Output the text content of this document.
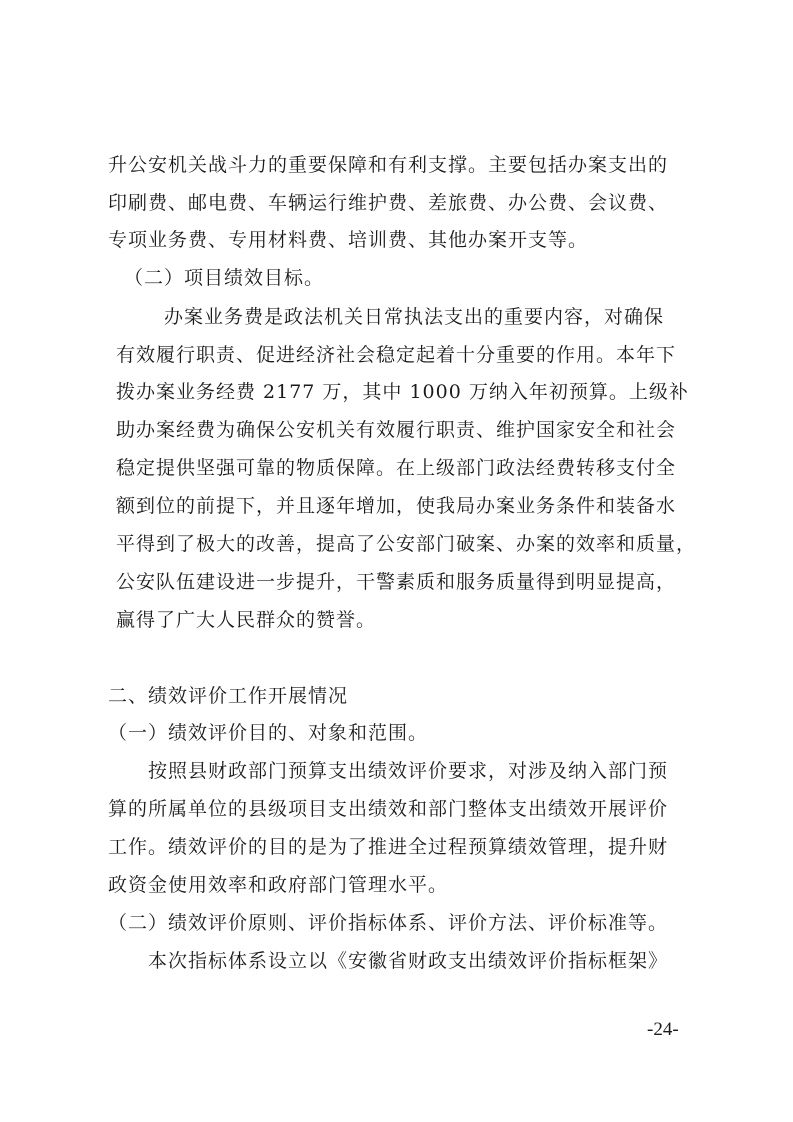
升公安机关战斗力的重要保障和有利支撑。主要包括办案支出的
印刷费、邮电费、车辆运行维护费、差旅费、办公费、会议费、
专项业务费、专用材料费、培训费、其他办案开支等。
（二）项目绩效目标。
办案业务费是政法机关日常执法支出的重要内容，对确保
有效履行职责、促进经济社会稳定起着十分重要的作用。本年下
拨办案业务经费 2177 万，其中 1000 万纳入年初预算。上级补
助办案经费为确保公安机关有效履行职责、维护国家安全和社会
稳定提供坚强可靠的物质保障。在上级部门政法经费转移支付全
额到位的前提下，并且逐年增加，使我局办案业务条件和装备水
平得到了极大的改善，提高了公安部门破案、办案的效率和质量，
公安队伍建设进一步提升，干警素质和服务质量得到明显提高，
赢得了广大人民群众的赞誉。
二、绩效评价工作开展情况
（一）绩效评价目的、对象和范围。
按照县财政部门预算支出绩效评价要求，对涉及纳入部门预
算的所属单位的县级项目支出绩效和部门整体支出绩效开展评价
工作。绩效评价的目的是为了推进全过程预算绩效管理，提升财
政资金使用效率和政府部门管理水平。
（二）绩效评价原则、评价指标体系、评价方法、评价标准等。
本次指标体系设立以《安徽省财政支出绩效评价指标框架》
-24-
